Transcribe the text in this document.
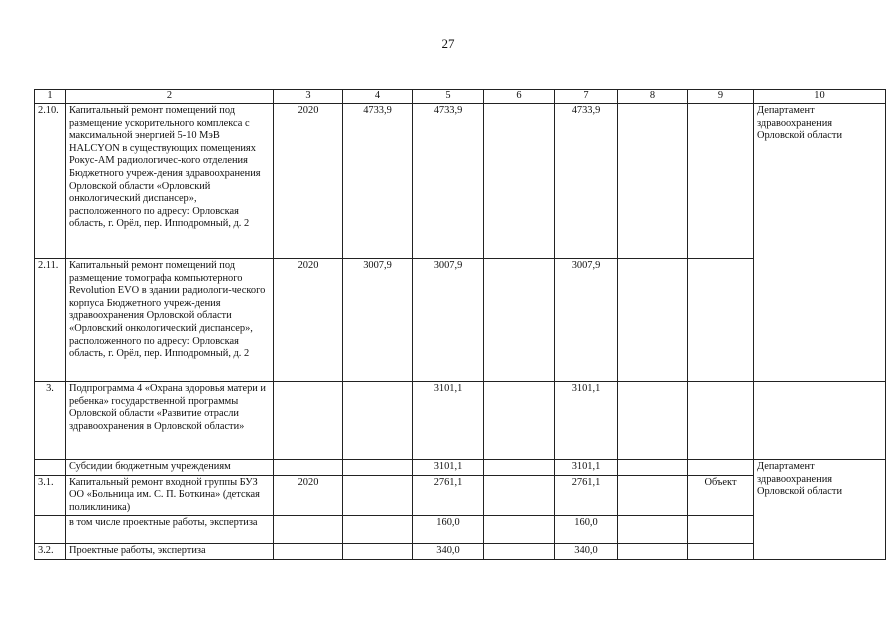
27
1	2	3	4	5	6	7	8	9	10
2.10.	Капитальный ремонт помещений под размещение ускорительного комплекса с максимальной энергией 5-10 МэВ HALCYON в существующих помещениях Рокус-АМ радиологичес-кого отделения Бюджетного учреж-дения здравоохранения Орловской области «Орловский онкологический диспансер», расположенного по адресу: Орловская область, г. Орёл, пер. Ипподромный, д. 2	2020	4733,9	4733,9		4733,9			Департамент здравоохранения Орловской области
2.11.	Капитальный ремонт помещений под размещение томографа компьютерного Revolution EVO в здании радиологи-ческого корпуса Бюджетного учреж-дения здравоохранения Орловской области «Орловский онкологический диспансер», расположенного по адресу: Орловская область, г. Орёл, пер. Ипподромный, д. 2	2020	3007,9	3007,9		3007,9			
3.	Подпрограмма 4 «Охрана здоровья матери и ребенка» государственной программы Орловской области «Развитие отрасли здравоохранения в Орловской области»			3101,1		3101,1			
	Субсидии бюджетным учреждениям			3101,1		3101,1			Департамент здравоохранения Орловской области
3.1.	Капитальный ремонт входной группы БУЗ ОО «Больница им. С. П. Боткина» (детская поликлиника)	2020		2761,1		2761,1		Объект	
	в том числе проектные работы, экспертиза			160,0		160,0			
3.2.	Проектные работы, экспертиза			340,0		340,0			
